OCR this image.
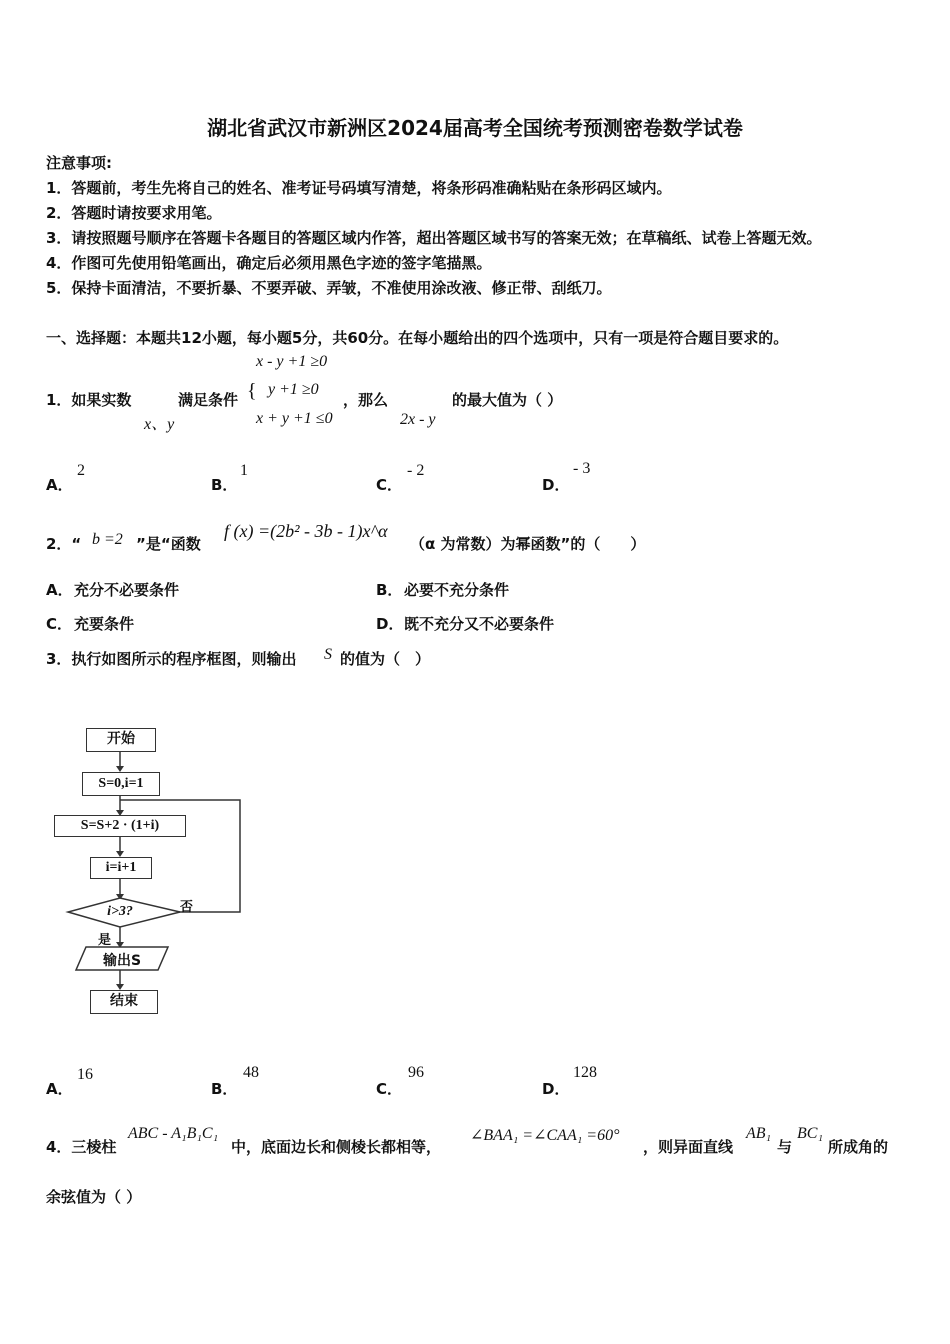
湖北省武汉市新洲区2024届高考全国统考预测密卷数学试卷
注意事项:
1．答题前，考生先将自己的姓名、准考证号码填写清楚，将条形码准确粘贴在条形码区域内。
2．答题时请按要求用笔。
3．请按照题号顺序在答题卡各题目的答题区域内作答，超出答题区域书写的答案无效；在草稿纸、试卷上答题无效。
4．作图可先使用铅笔画出，确定后必须用黑色字迹的签字笔描黑。
5．保持卡面清洁，不要折暴、不要弄破、弄皱，不准使用涂改液、修正带、刮纸刀。
一、选择题：本题共12小题，每小题5分，共60分。在每小题给出的四个选项中，只有一项是符合题目要求的。
x - y +1 ≥0
1．如果实数	满足条件 { y +1 ≥0
，那么	的最大值为（ ）
x、y	x + y +1 ≤0	2x - y
A．
2
B．
1
C．
- 2
D．
- 3
2．“ b =2 ”是“函数
f (x) =(2b² - 3b - 1)x^α
（α 为常数）为幂函数”的（　　）
A． 充分不必要条件	B． 必要不充分条件
C． 充要条件	D． 既不充分又不必要条件
3．执行如图所示的程序框图，则输出 S 的值为（　）
开始
S=0,i=1
S=S+2 · (1+i)
i=i+1
i>3?	否
是
输出S
结束
A．
16
B．
48
C．
96
D．
128
4．三棱柱
ABC - A₁B₁C₁
中，底面边长和侧棱长都相等，
∠BAA₁ =∠CAA₁ =60°
，则异面直线
AB₁
与
BC₁
所成角的
余弦值为（ ）
